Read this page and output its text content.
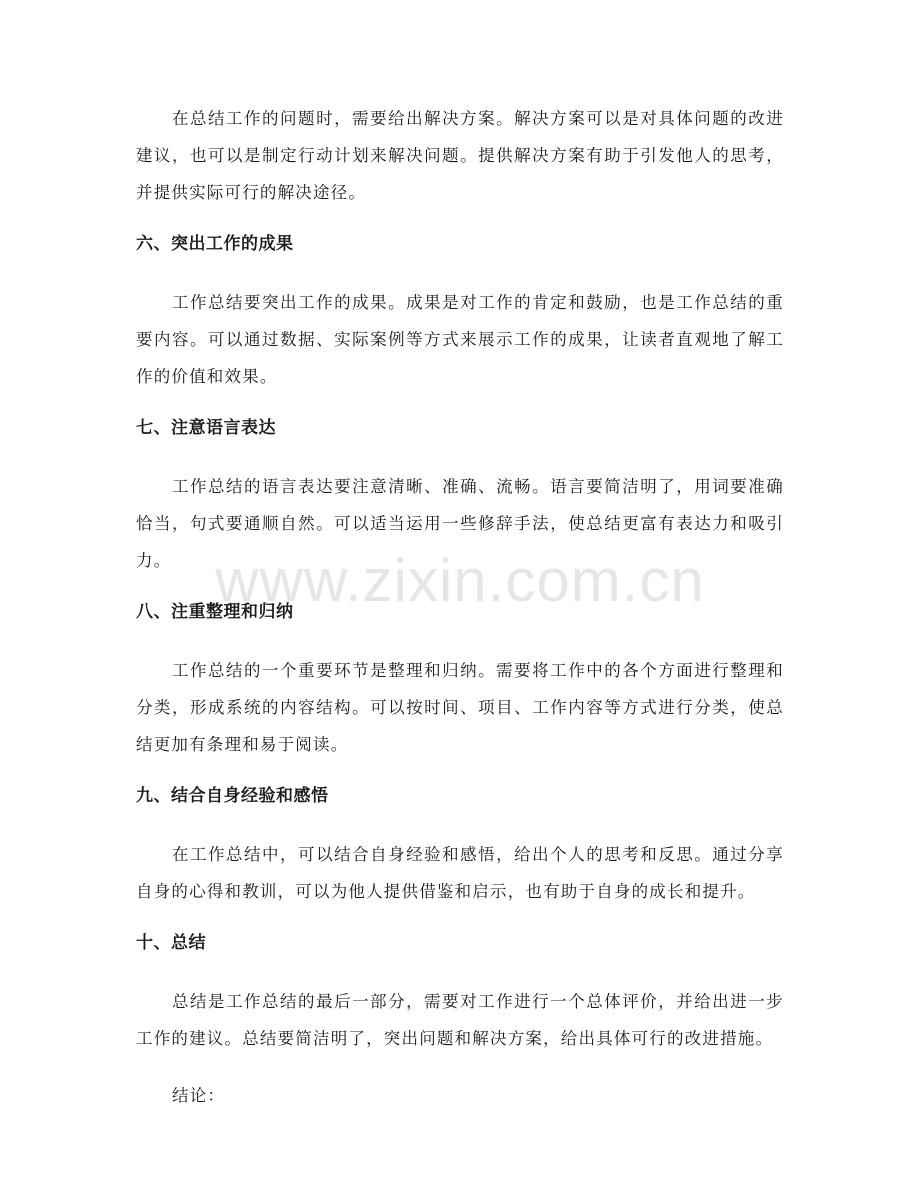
在总结工作的问题时，需要给出解决方案。解决方案可以是对具体问题的改进建议，也可以是制定行动计划来解决问题。提供解决方案有助于引发他人的思考，并提供实际可行的解决途径。

六、突出工作的成果

工作总结要突出工作的成果。成果是对工作的肯定和鼓励，也是工作总结的重要内容。可以通过数据、实际案例等方式来展示工作的成果，让读者直观地了解工作的价值和效果。

七、注意语言表达

工作总结的语言表达要注意清晰、准确、流畅。语言要简洁明了，用词要准确恰当，句式要通顺自然。可以适当运用一些修辞手法，使总结更富有表达力和吸引力。

八、注重整理和归纳

工作总结的一个重要环节是整理和归纳。需要将工作中的各个方面进行整理和分类，形成系统的内容结构。可以按时间、项目、工作内容等方式进行分类，使总结更加有条理和易于阅读。

九、结合自身经验和感悟

在工作总结中，可以结合自身经验和感悟，给出个人的思考和反思。通过分享自身的心得和教训，可以为他人提供借鉴和启示，也有助于自身的成长和提升。

十、总结

总结是工作总结的最后一部分，需要对工作进行一个总体评价，并给出进一步工作的建议。总结要简洁明了，突出问题和解决方案，给出具体可行的改进措施。

结论：

www.zixin.com.cn
